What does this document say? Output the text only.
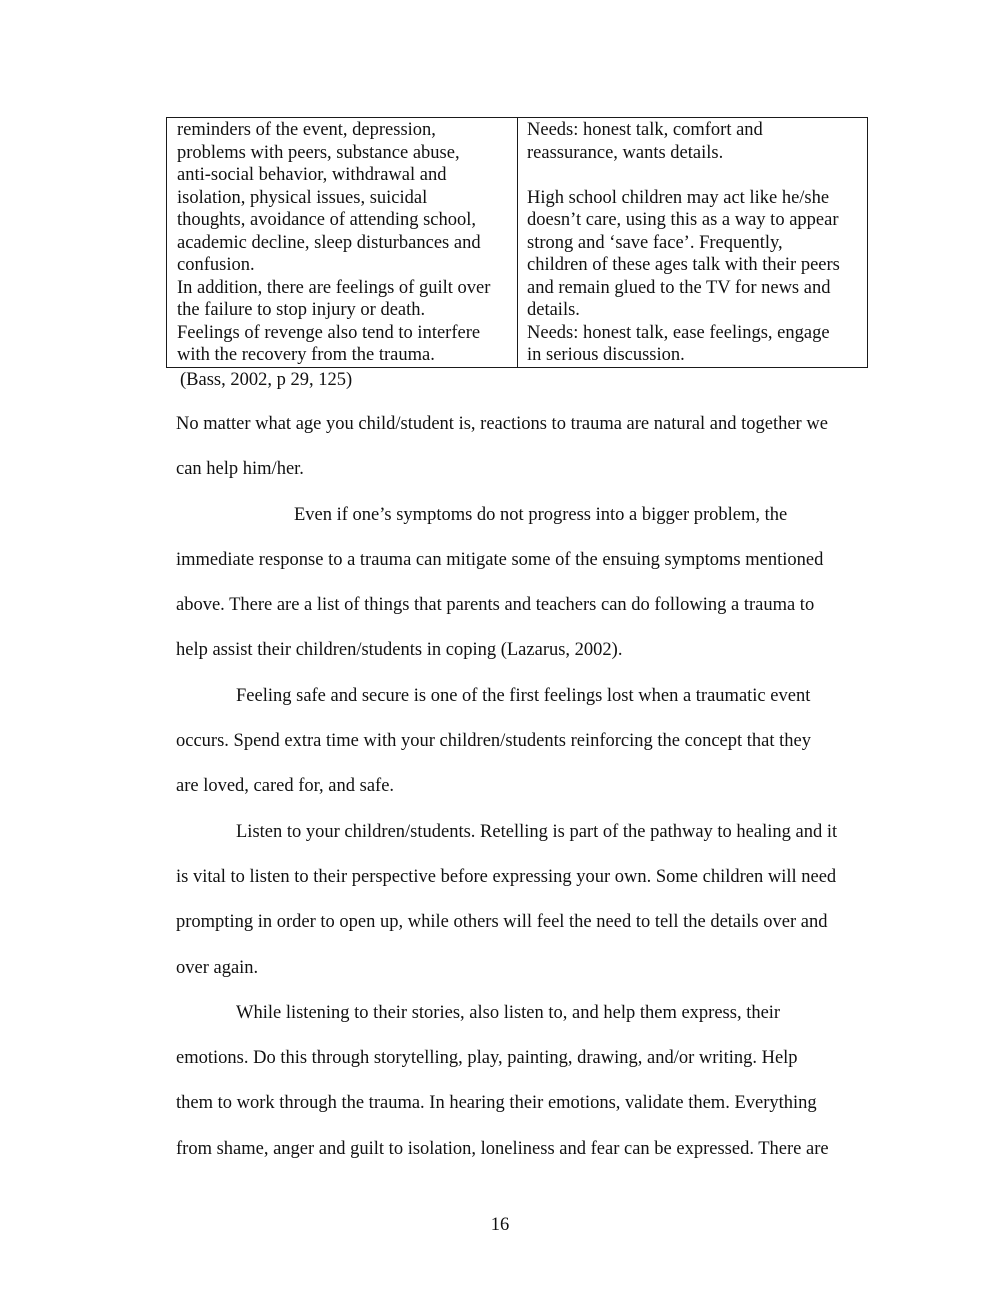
reminders of the event, depression,
problems with peers, substance abuse,
anti-social behavior, withdrawal and
isolation, physical issues, suicidal
thoughts, avoidance of attending school,
academic decline, sleep disturbances and
confusion.
In addition, there are feelings of guilt over
the failure to stop injury or death.
Feelings of revenge also tend to interfere
with the recovery from the trauma.
Needs: honest talk, comfort and
reassurance, wants details.
High school children may act like he/she
doesn’t care, using this as a way to appear
strong and ‘save face’. Frequently,
children of these ages talk with their peers
and remain glued to the TV for news and
details.
Needs: honest talk, ease feelings, engage
in serious discussion.
(Bass, 2002, p 29, 125)
No matter what age you child/student is, reactions to trauma are natural and together we
can help him/her.
Even if one’s symptoms do not progress into a bigger problem, the
immediate response to a trauma can mitigate some of the ensuing symptoms mentioned
above. There are a list of things that parents and teachers can do following a trauma to
help assist their children/students in coping (Lazarus, 2002).
Feeling safe and secure is one of the first feelings lost when a traumatic event
occurs. Spend extra time with your children/students reinforcing the concept that they
are loved, cared for, and safe.
Listen to your children/students. Retelling is part of the pathway to healing and it
is vital to listen to their perspective before expressing your own. Some children will need
prompting in order to open up, while others will feel the need to tell the details over and
over again.
While listening to their stories, also listen to, and help them express, their
emotions. Do this through storytelling, play, painting, drawing, and/or writing. Help
them to work through the trauma. In hearing their emotions, validate them. Everything
from shame, anger and guilt to isolation, loneliness and fear can be expressed. There are
16
